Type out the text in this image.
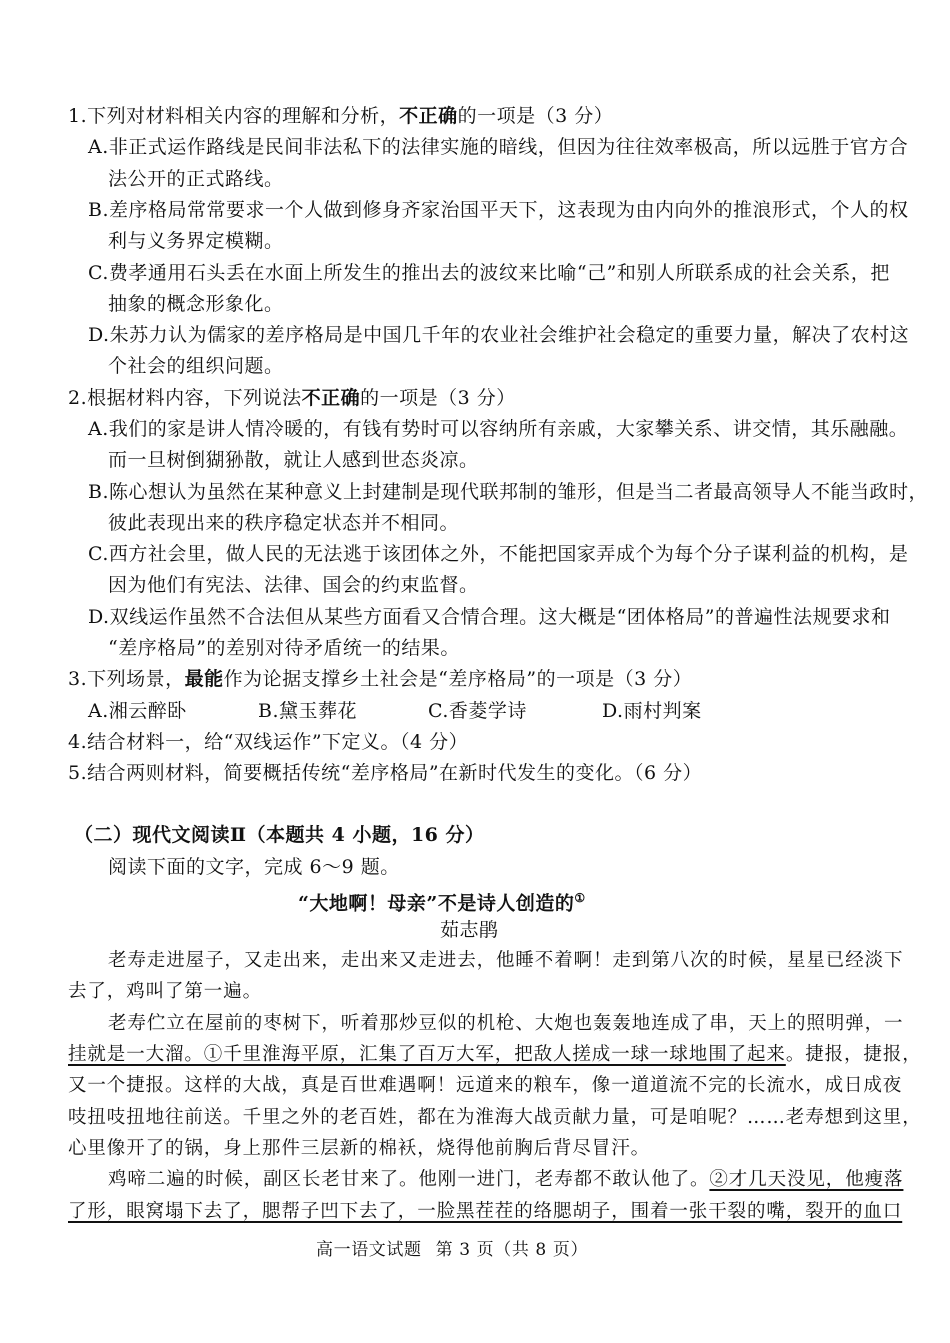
1.下列对材料相关内容的理解和分析，不正确的一项是（3 分）
A.非正式运作路线是民间非法私下的法律实施的暗线，但因为往往效率极高，所以远胜于官方合
法公开的正式路线。
B.差序格局常常要求一个人做到修身齐家治国平天下，这表现为由内向外的推浪形式，个人的权
利与义务界定模糊。
C.费孝通用石头丢在水面上所发生的推出去的波纹来比喻“己”和别人所联系成的社会关系，把
抽象的概念形象化。
D.朱苏力认为儒家的差序格局是中国几千年的农业社会维护社会稳定的重要力量，解决了农村这
个社会的组织问题。
2.根据材料内容，下列说法不正确的一项是（3 分）
A.我们的家是讲人情冷暖的，有钱有势时可以容纳所有亲戚，大家攀关系、讲交情，其乐融融。
而一旦树倒猢狲散，就让人感到世态炎凉。
B.陈心想认为虽然在某种意义上封建制是现代联邦制的雏形，但是当二者最高领导人不能当政时，
彼此表现出来的秩序稳定状态并不相同。
C.西方社会里，做人民的无法逃于该团体之外，不能把国家弄成个为每个分子谋利益的机构，是
因为他们有宪法、法律、国会的约束监督。
D.双线运作虽然不合法但从某些方面看又合情合理。这大概是“团体格局”的普遍性法规要求和
“差序格局”的差别对待矛盾统一的结果。
3.下列场景，最能作为论据支撑乡土社会是“差序格局”的一项是（3 分）
A.湘云醉卧	B.黛玉葬花	C.香菱学诗	D.雨村判案
4.结合材料一，给“双线运作”下定义。（4 分）
5.结合两则材料，简要概括传统“差序格局”在新时代发生的变化。（6 分）
（二）现代文阅读Ⅱ（本题共 4 小题，16 分）
阅读下面的文字，完成 6～9 题。
“大地啊！母亲”不是诗人创造的①
茹志鹃
老寿走进屋子，又走出来，走出来又走进去，他睡不着啊！走到第八次的时候，星星已经淡下
去了，鸡叫了第一遍。
老寿伫立在屋前的枣树下，听着那炒豆似的机枪、大炮也轰轰地连成了串，天上的照明弹，一
挂就是一大溜。①千里淮海平原，汇集了百万大军，把敌人搓成一球一球地围了起来。捷报，捷报，
又一个捷报。这样的大战，真是百世难遇啊！远道来的粮车，像一道道流不完的长流水，成日成夜
吱扭吱扭地往前送。千里之外的老百姓，都在为淮海大战贡献力量，可是咱呢？……老寿想到这里，
心里像开了的锅，身上那件三层新的棉袄，烧得他前胸后背尽冒汗。
鸡啼二遍的时候，副区长老甘来了。他刚一进门，老寿都不敢认他了。②才几天没见，他瘦落
了形，眼窝塌下去了，腮帮子凹下去了，一脸黑茬茬的络腮胡子，围着一张干裂的嘴，裂开的血口
高一语文试题 第 3 页（共 8 页）
